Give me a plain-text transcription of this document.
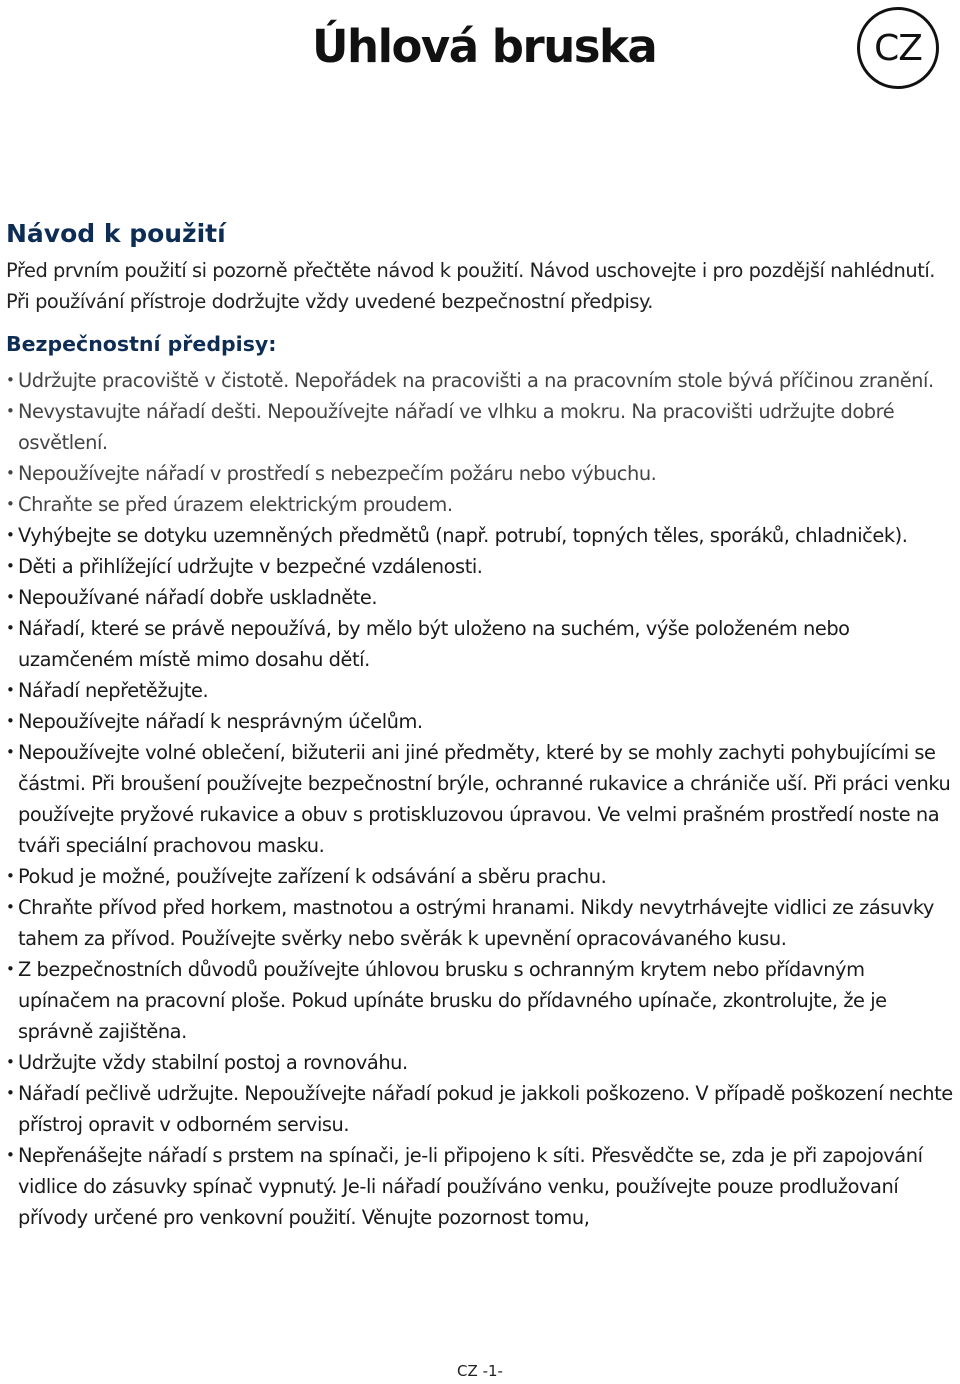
Úhlová bruska	CZ
Návod k použití

Před prvním použití si pozorně přečtěte návod k použití. Návod uschovejte i pro pozdější nahlédnutí. Při používání přístroje dodržujte vždy uvedené bezpečnostní předpisy.

Bezpečnostní předpisy:
• Udržujte pracoviště v čistotě. Nepořádek na pracovišti a na pracovním stole bývá příčinou zranění.
• Nevystavujte nářadí dešti. Nepoužívejte nářadí ve vlhku a mokru. Na pracovišti udržujte dobré osvětlení.
• Nepoužívejte nářadí v prostředí s nebezpečím požáru nebo výbuchu.
• Chraňte se před úrazem elektrickým proudem.
• Vyhýbejte se dotyku uzemněných předmětů (např. potrubí, topných těles, sporáků, chladniček).
• Děti a přihlížející udržujte v bezpečné vzdálenosti.
• Nepoužívané nářadí dobře uskladněte.
• Nářadí, které se právě nepoužívá, by mělo být uloženo na suchém, výše položeném nebo uzamčeném místě mimo dosahu dětí.
• Nářadí nepřetěžujte.
• Nepoužívejte nářadí k nesprávným účelům.
• Nepoužívejte volné oblečení, bižuterii ani jiné předměty, které by se mohly zachyti pohybujícími se částmi. Při broušení používejte bezpečnostní brýle, ochranné rukavice a chrániče uší. Při práci venku používejte pryžové rukavice a obuv s protiskluzovou úpravou. Ve velmi prašném prostředí noste na tváři speciální prachovou masku.
• Pokud je možné, používejte zařízení k odsávání a sběru prachu.
• Chraňte přívod před horkem, mastnotou a ostrými hranami. Nikdy nevytrhávejte vidlici ze zásuvky tahem za přívod. Používejte svěrky nebo svěrák k upevnění opracovávaného kusu.
• Z bezpečnostních důvodů používejte úhlovou brusku s ochranným krytem nebo přídavným upínačem na pracovní ploše. Pokud upínáte brusku do přídavného upínače, zkontrolujte, že je správně zajištěna.
• Udržujte vždy stabilní postoj a rovnováhu.
• Nářadí pečlivě udržujte. Nepoužívejte nářadí pokud je jakkoli poškozeno. V případě poškození nechte přístroj opravit v odborném servisu.
• Nepřenášejte nářadí s prstem na spínači, je-li připojeno k síti. Přesvědčte se, zda je při zapojování vidlice do zásuvky spínač vypnutý. Je-li nářadí používáno venku, používejte pouze prodlužovaní přívody určené pro venkovní použití. Věnujte pozornost tomu,

CZ -1-
